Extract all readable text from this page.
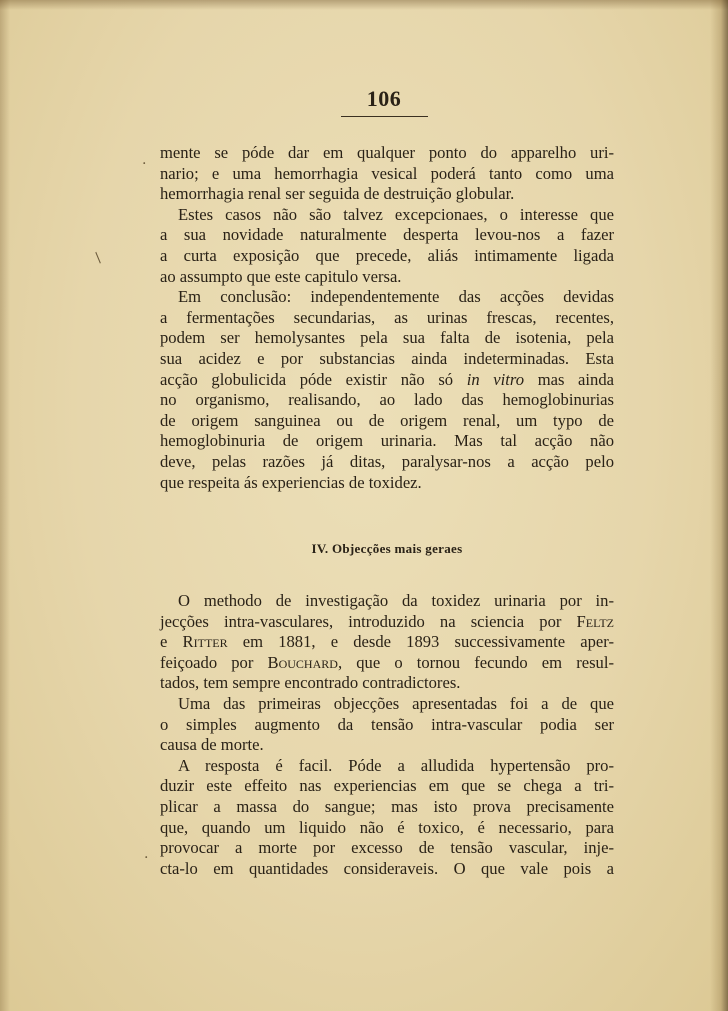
.
/
.
106
mente se póde dar em qualquer ponto do apparelho uri-
nario; e uma hemorrhagia vesical poderá tanto como uma
hemorrhagia renal ser seguida de destruição globular.
Estes casos não são talvez excepcionaes, o interesse que
a sua novidade naturalmente desperta levou-nos a fazer
a curta exposição que precede, aliás intimamente ligada
ao assumpto que este capitulo versa.
Em conclusão: independentemente das acções devidas
a fermentações secundarias, as urinas frescas, recentes,
podem ser hemolysantes pela sua falta de isotenia, pela
sua acidez e por substancias ainda indeterminadas. Esta
acção globulicida póde existir não só in vitro mas ainda
no organismo, realisando, ao lado das hemoglobinurias
de origem sanguinea ou de origem renal, um typo de
hemoglobinuria de origem urinaria. Mas tal acção não
deve, pelas razões já ditas, paralysar-nos a acção pelo
que respeita ás experiencias de toxidez.
IV. Objecções mais geraes
O methodo de investigação da toxidez urinaria por in-
jecções intra-vasculares, introduzido na sciencia por Feltz
e Ritter em 1881, e desde 1893 successivamente aper-
feiçoado por Bouchard, que o tornou fecundo em resul-
tados, tem sempre encontrado contradictores.
Uma das primeiras objecções apresentadas foi a de que
o simples augmento da tensão intra-vascular podia ser
causa de morte.
A resposta é facil. Póde a alludida hypertensão pro-
duzir este effeito nas experiencias em que se chega a tri-
plicar a massa do sangue; mas isto prova precisamente
que, quando um liquido não é toxico, é necessario, para
provocar a morte por excesso de tensão vascular, inje-
cta-lo em quantidades consideraveis. O que vale pois a
